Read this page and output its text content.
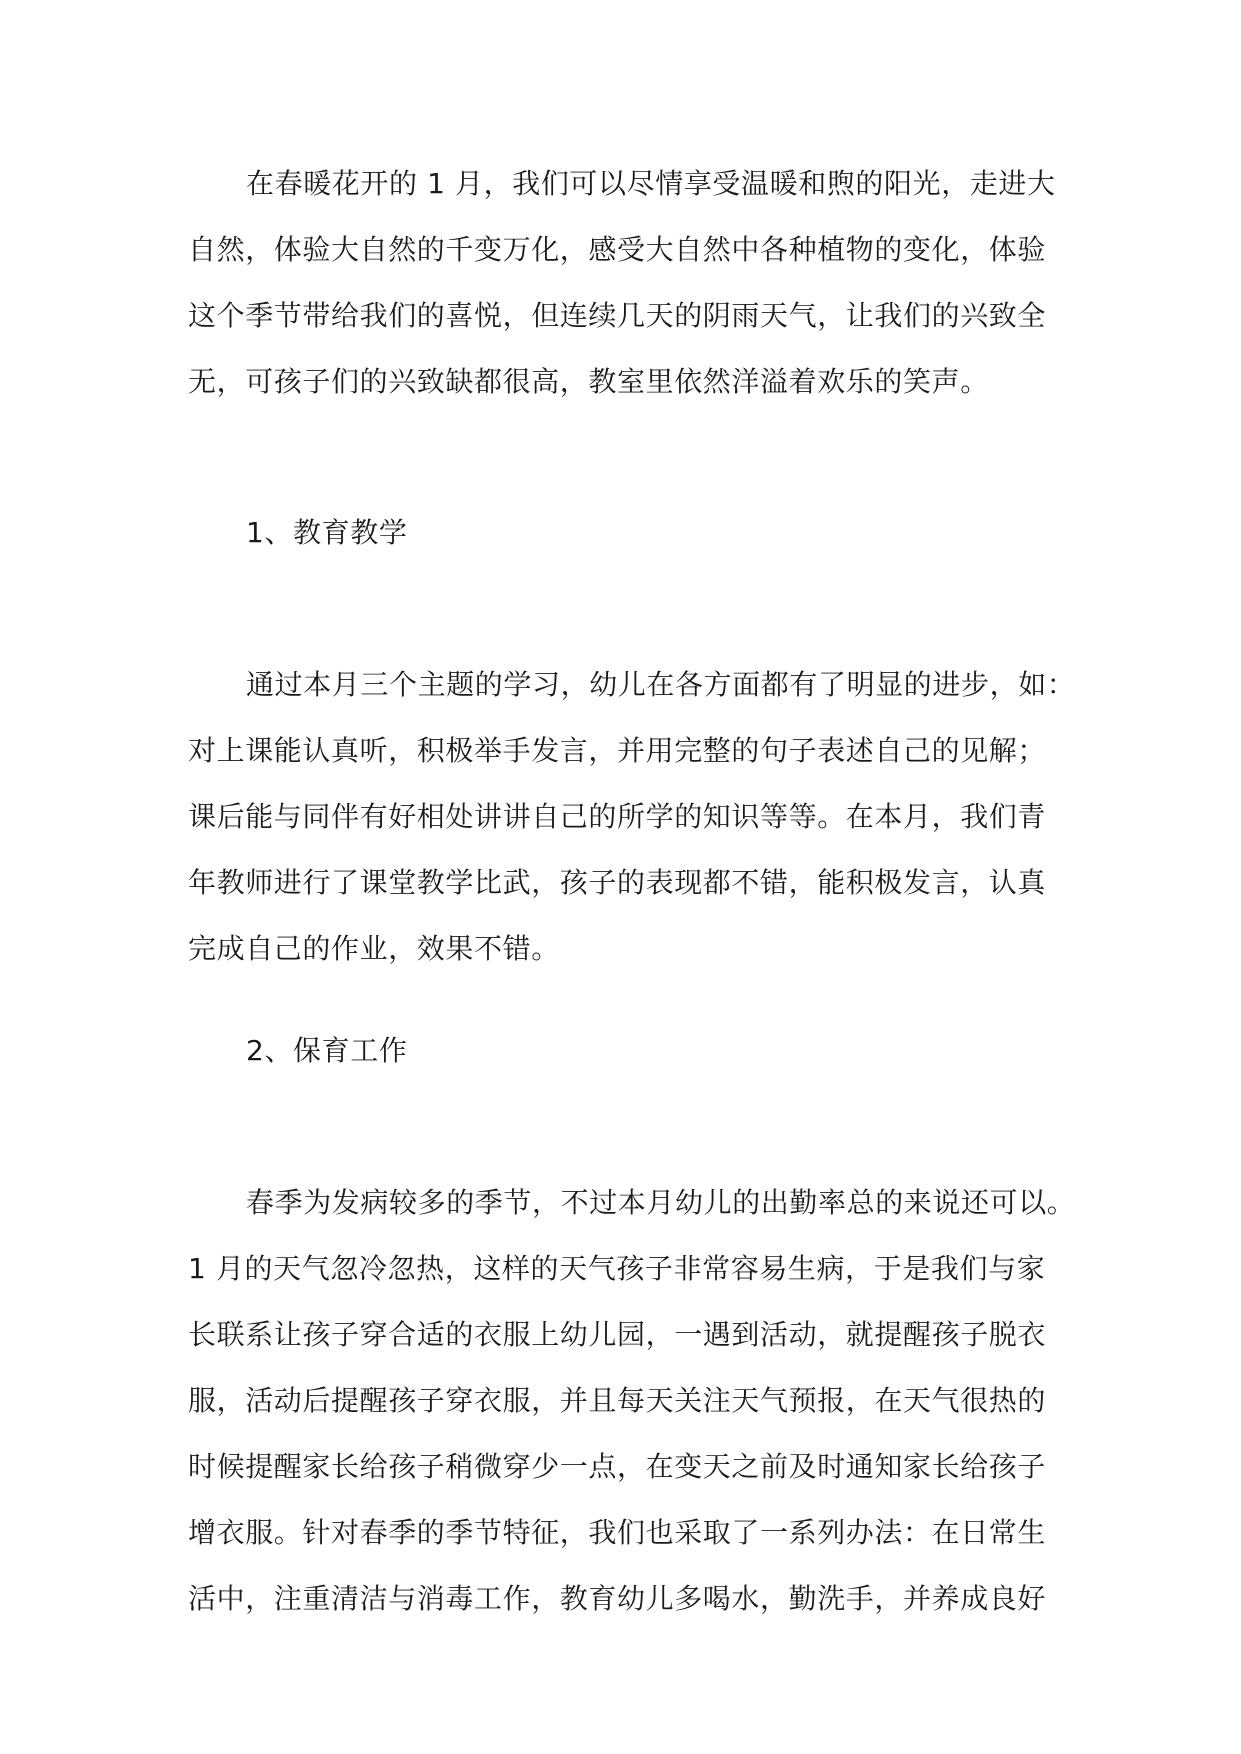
在春暖花开的 1 月，我们可以尽情享受温暖和煦的阳光，走进大
自然，体验大自然的千变万化，感受大自然中各种植物的变化，体验
这个季节带给我们的喜悦，但连续几天的阴雨天气，让我们的兴致全
无，可孩子们的兴致缺都很高，教室里依然洋溢着欢乐的笑声。
1、教育教学
通过本月三个主题的学习，幼儿在各方面都有了明显的进步，如：
对上课能认真听，积极举手发言，并用完整的句子表述自己的见解；
课后能与同伴有好相处讲讲自己的所学的知识等等。在本月，我们青
年教师进行了课堂教学比武，孩子的表现都不错，能积极发言，认真
完成自己的作业，效果不错。
2、保育工作
春季为发病较多的季节，不过本月幼儿的出勤率总的来说还可以。
1 月的天气忽冷忽热，这样的天气孩子非常容易生病，于是我们与家
长联系让孩子穿合适的衣服上幼儿园，一遇到活动，就提醒孩子脱衣
服，活动后提醒孩子穿衣服，并且每天关注天气预报，在天气很热的
时候提醒家长给孩子稍微穿少一点，在变天之前及时通知家长给孩子
增衣服。针对春季的季节特征，我们也采取了一系列办法：在日常生
活中，注重清洁与消毒工作，教育幼儿多喝水，勤洗手，并养成良好
